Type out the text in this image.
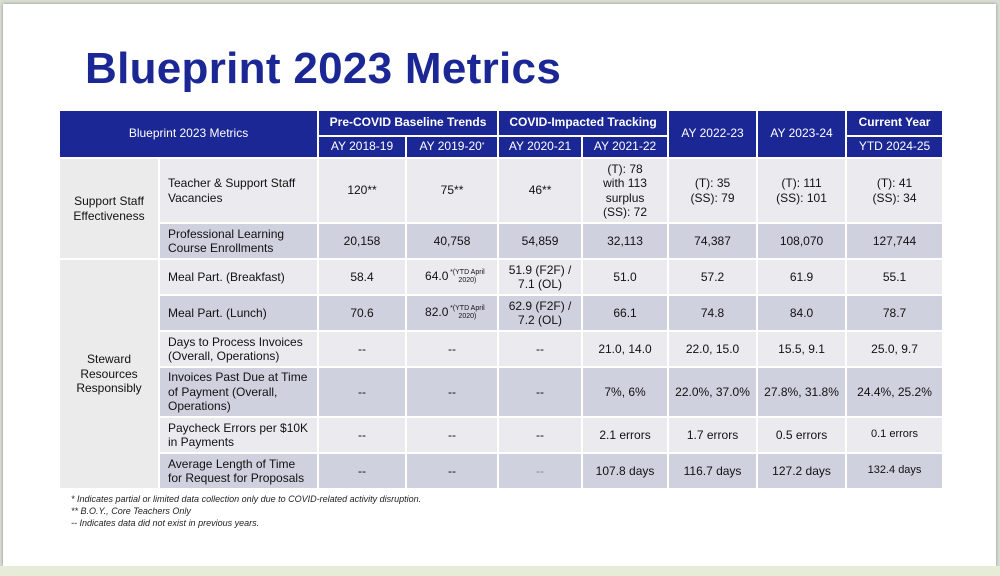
Blueprint 2023 Metrics
Blueprint 2023 Metrics		Pre-COVID Baseline Trends		COVID-Impacted Tracking		AY 2022-23	AY 2023-24	Current Year
		AY 2018-19	AY 2019-20*	AY 2020-21	AY 2021-22			YTD 2024-25
Support Staff Effectiveness	Teacher & Support Staff Vacancies	120**	75**	46**	(T): 78
with 113
surplus
(SS): 72	(T): 35
(SS): 79	(T): 111
(SS): 101	(T): 41
(SS): 34
	Professional Learning Course Enrollments	20,158	40,758	54,859	32,113	74,387	108,070	127,744
Steward Resources Responsibly	Meal Part. (Breakfast)	58.4	64.0 *(YTD April 2020)	51.9 (F2F) /
7.1 (OL)	51.0	57.2	61.9	55.1
	Meal Part. (Lunch)	70.6	82.0 *(YTD April 2020)	62.9 (F2F) /
7.2 (OL)	66.1	74.8	84.0	78.7
	Days to Process Invoices (Overall, Operations)	--	--	--	21.0, 14.0	22.0, 15.0	15.5, 9.1	25.0, 9.7
	Invoices Past Due at Time of Payment (Overall, Operations)	--	--	--	7%, 6%	22.0%, 37.0%	27.8%, 31.8%	24.4%, 25.2%
	Paycheck Errors per $10K in Payments	--	--	--	2.1 errors	1.7 errors	0.5 errors	0.1 errors
	Average Length of Time for Request for Proposals	--	--	--	107.8 days	116.7 days	127.2 days	132.4 days
* Indicates partial or limited data collection only due to COVID-related activity disruption.
** B.O.Y., Core Teachers Only
-- Indicates data did not exist in previous years.
